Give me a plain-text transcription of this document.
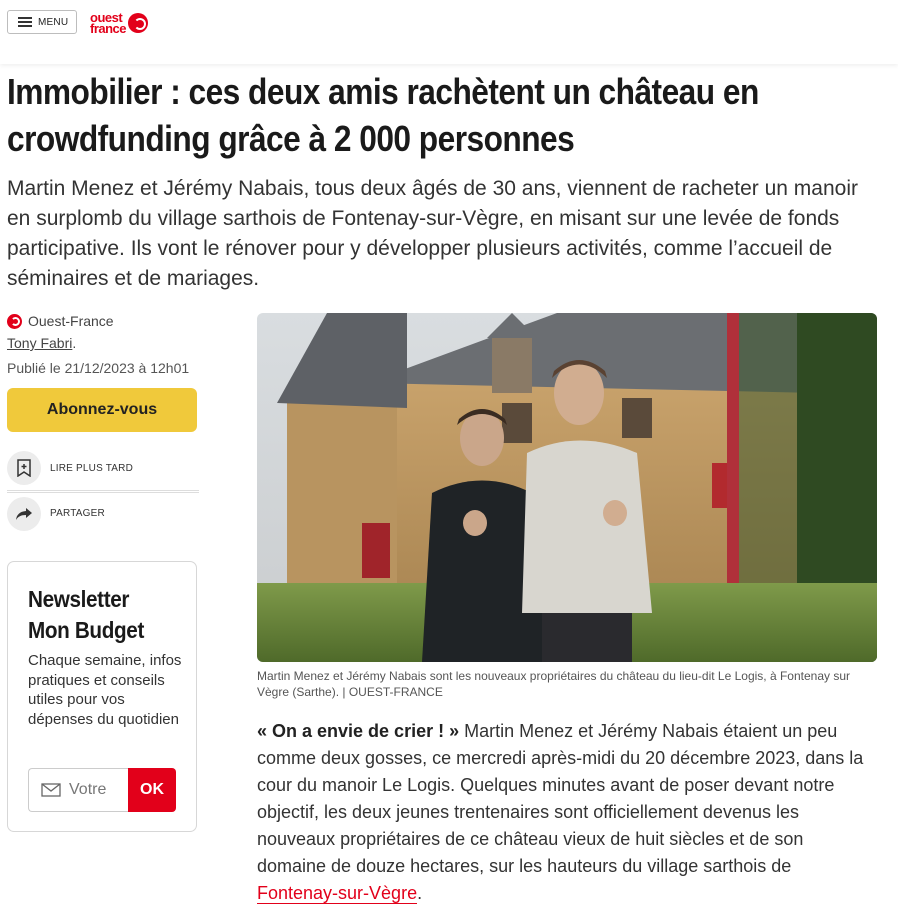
MENU ouest
france
Immobilier : ces deux amis rachètent un château en crowdfunding grâce à 2 000 personnes

Martin Menez et Jérémy Nabais, tous deux âgés de 30 ans, viennent de racheter un manoir en surplomb du village sarthois de Fontenay-sur-Vègre, en misant sur une levée de fonds participative. Ils vont le rénover pour y développer plusieurs activités, comme l’accueil de séminaires et de mariages.

Ouest-France
Tony Fabri.
Publié le 21/12/2023 à 12h01
Abonnez-vous
LIRE PLUS TARD
PARTAGER
Newsletter Mon Budget
Chaque semaine, infos pratiques et conseils utiles pour vos dépenses du quotidien
Votre	OK
Martin Menez et Jérémy Nabais sont les nouveaux propriétaires du château du lieu-dit Le Logis, à Fontenay sur Vègre (Sarthe). | OUEST-FRANCE

« On a envie de crier ! » Martin Menez et Jérémy Nabais étaient un peu comme deux gosses, ce mercredi après-midi du 20 décembre 2023, dans la cour du manoir Le Logis. Quelques minutes avant de poser devant notre objectif, les deux jeunes trentenaires sont officiellement devenus les nouveaux propriétaires de ce château vieux de huit siècles et de son domaine de douze hectares, sur les hauteurs du village sarthois de Fontenay-sur-Vègre.
